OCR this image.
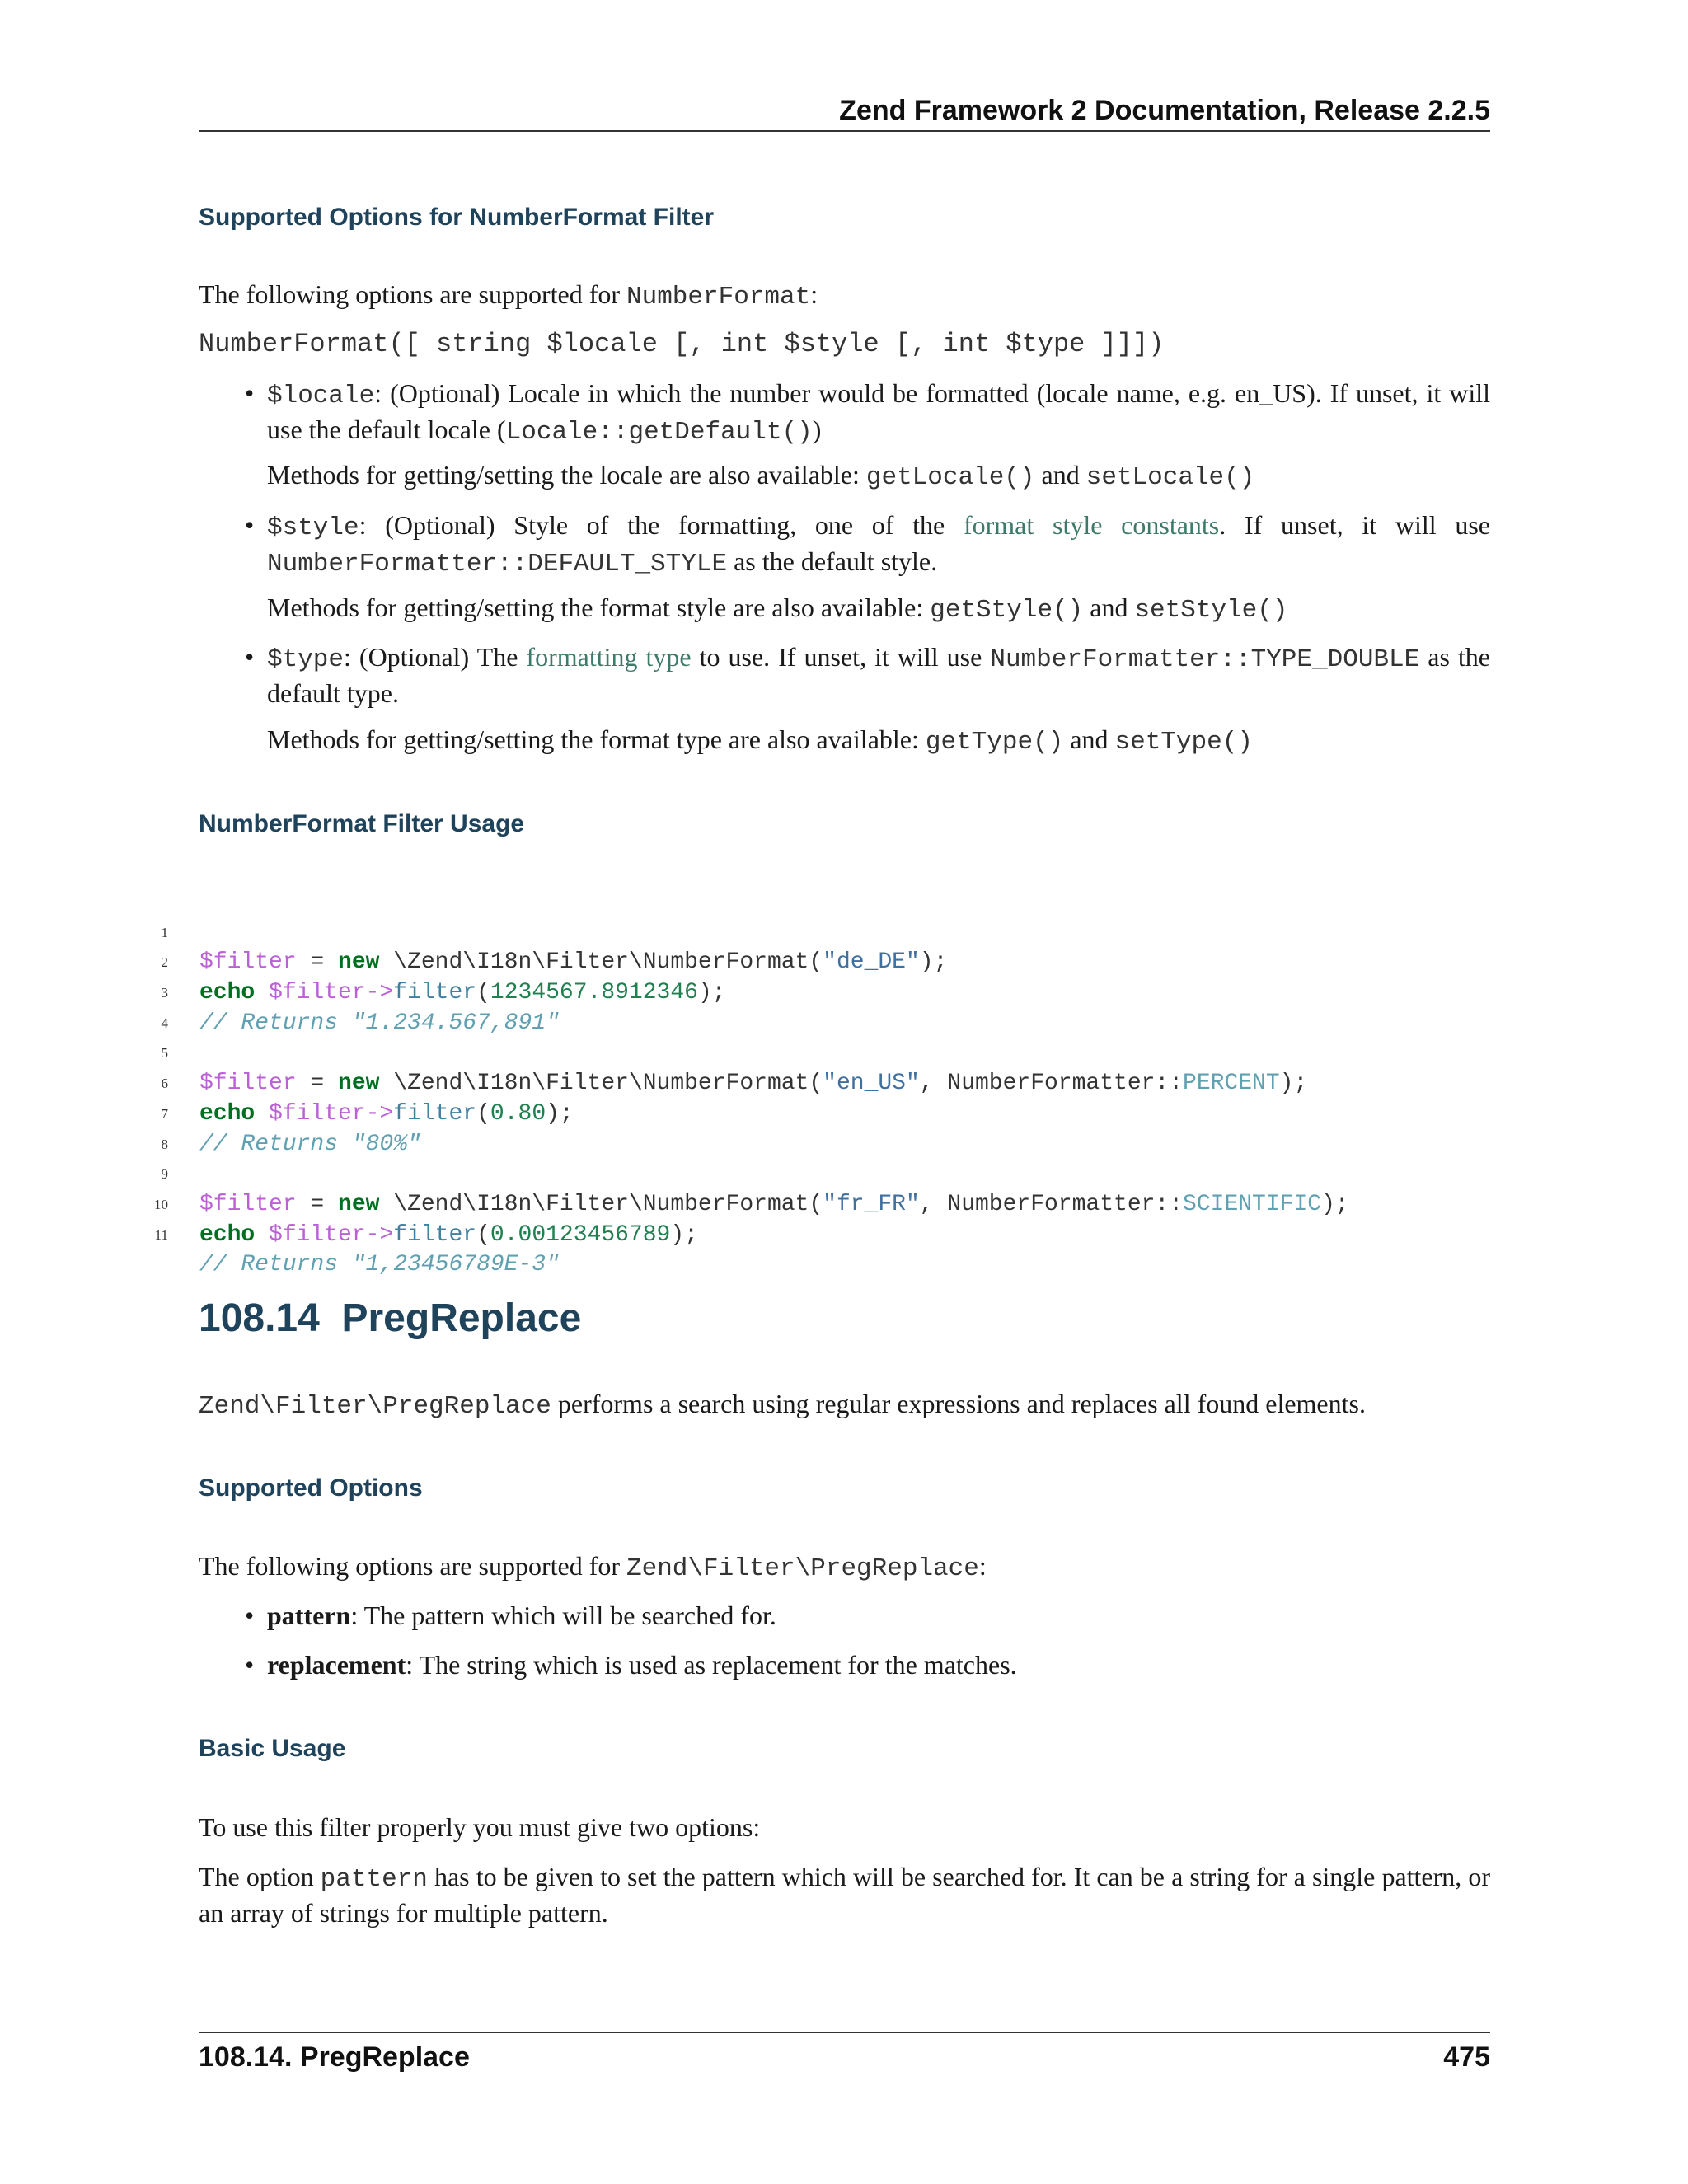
Zend Framework 2 Documentation, Release 2.2.5
Supported Options for NumberFormat Filter
The following options are supported for NumberFormat:
NumberFormat([ string $locale [, int $style [, int $type ]]])
• $locale: (Optional) Locale in which the number would be formatted (locale name, e.g. en_US). If unset, it will use the default locale (Locale::getDefault())
Methods for getting/setting the locale are also available: getLocale() and setLocale()
• $style: (Optional) Style of the formatting, one of the format style constants. If unset, it will use NumberFormatter::DEFAULT_STYLE as the default style.
Methods for getting/setting the format style are also available: getStyle() and setStyle()
• $type: (Optional) The formatting type to use. If unset, it will use NumberFormatter::TYPE_DOUBLE as the default type.
Methods for getting/setting the format type are also available: getType() and setType()
NumberFormat Filter Usage

1

$filter = new \Zend\I18n\Filter\NumberFormat("de_DE");

2

echo $filter->filter(1234567.8912346);

3

// Returns "1.234.567,891"

4

5

$filter = new \Zend\I18n\Filter\NumberFormat("en_US", NumberFormatter::PERCENT);

6

echo $filter->filter(0.80);

7

// Returns "80%"

8

9

$filter = new \Zend\I18n\Filter\NumberFormat("fr_FR", NumberFormatter::SCIENTIFIC);

10

echo $filter->filter(0.00123456789);

11

// Returns "1,23456789E-3"

108.14  PregReplace
Zend\Filter\PregReplace performs a search using regular expressions and replaces all found elements.
Supported Options
The following options are supported for Zend\Filter\PregReplace:
• pattern: The pattern which will be searched for.
• replacement: The string which is used as replacement for the matches.
Basic Usage
To use this filter properly you must give two options:
The option pattern has to be given to set the pattern which will be searched for. It can be a string for a single pattern, or an array of strings for multiple pattern.
108.14. PregReplace	475
